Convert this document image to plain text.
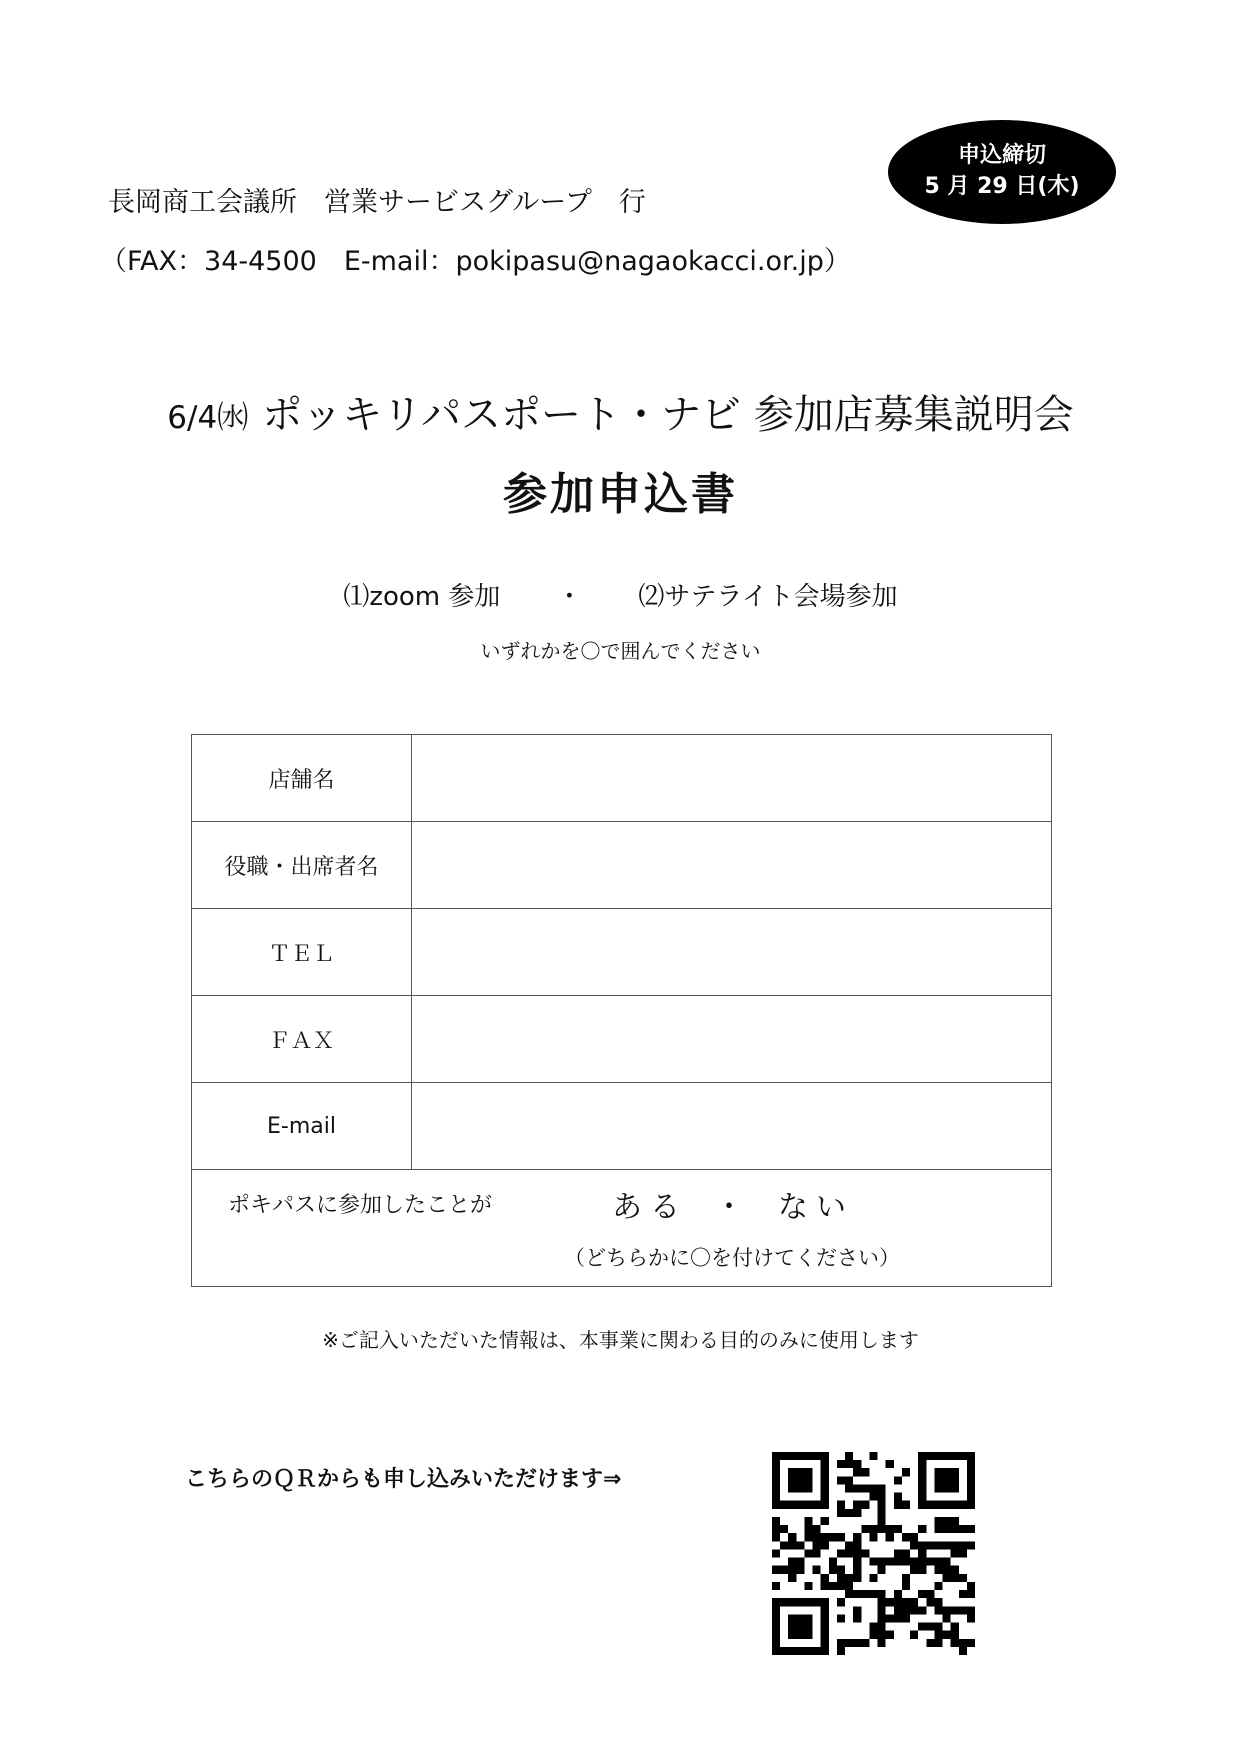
申込締切
5 月 29 日(木)
長岡商工会議所　営業サービスグループ　行
（FAX：34-4500　E-mail：pokipasu@nagaokacci.or.jp）
6/4㈬ ポッキリパスポート・ナビ 参加店募集説明会
参加申込書
⑴zoom 参加 ・ ⑵サテライト会場参加
いずれかを〇で囲んでください
店舗名	
役職・出席者名	
ＴＥＬ	
ＦＡＸ	
E-mail	

ポキパスに参加したことが ある ・ ない
（どちらかに〇を付けてください）	
※ご記入いただいた情報は、本事業に関わる目的のみに使用します
こちらのＱＲからも申し込みいただけます⇒
